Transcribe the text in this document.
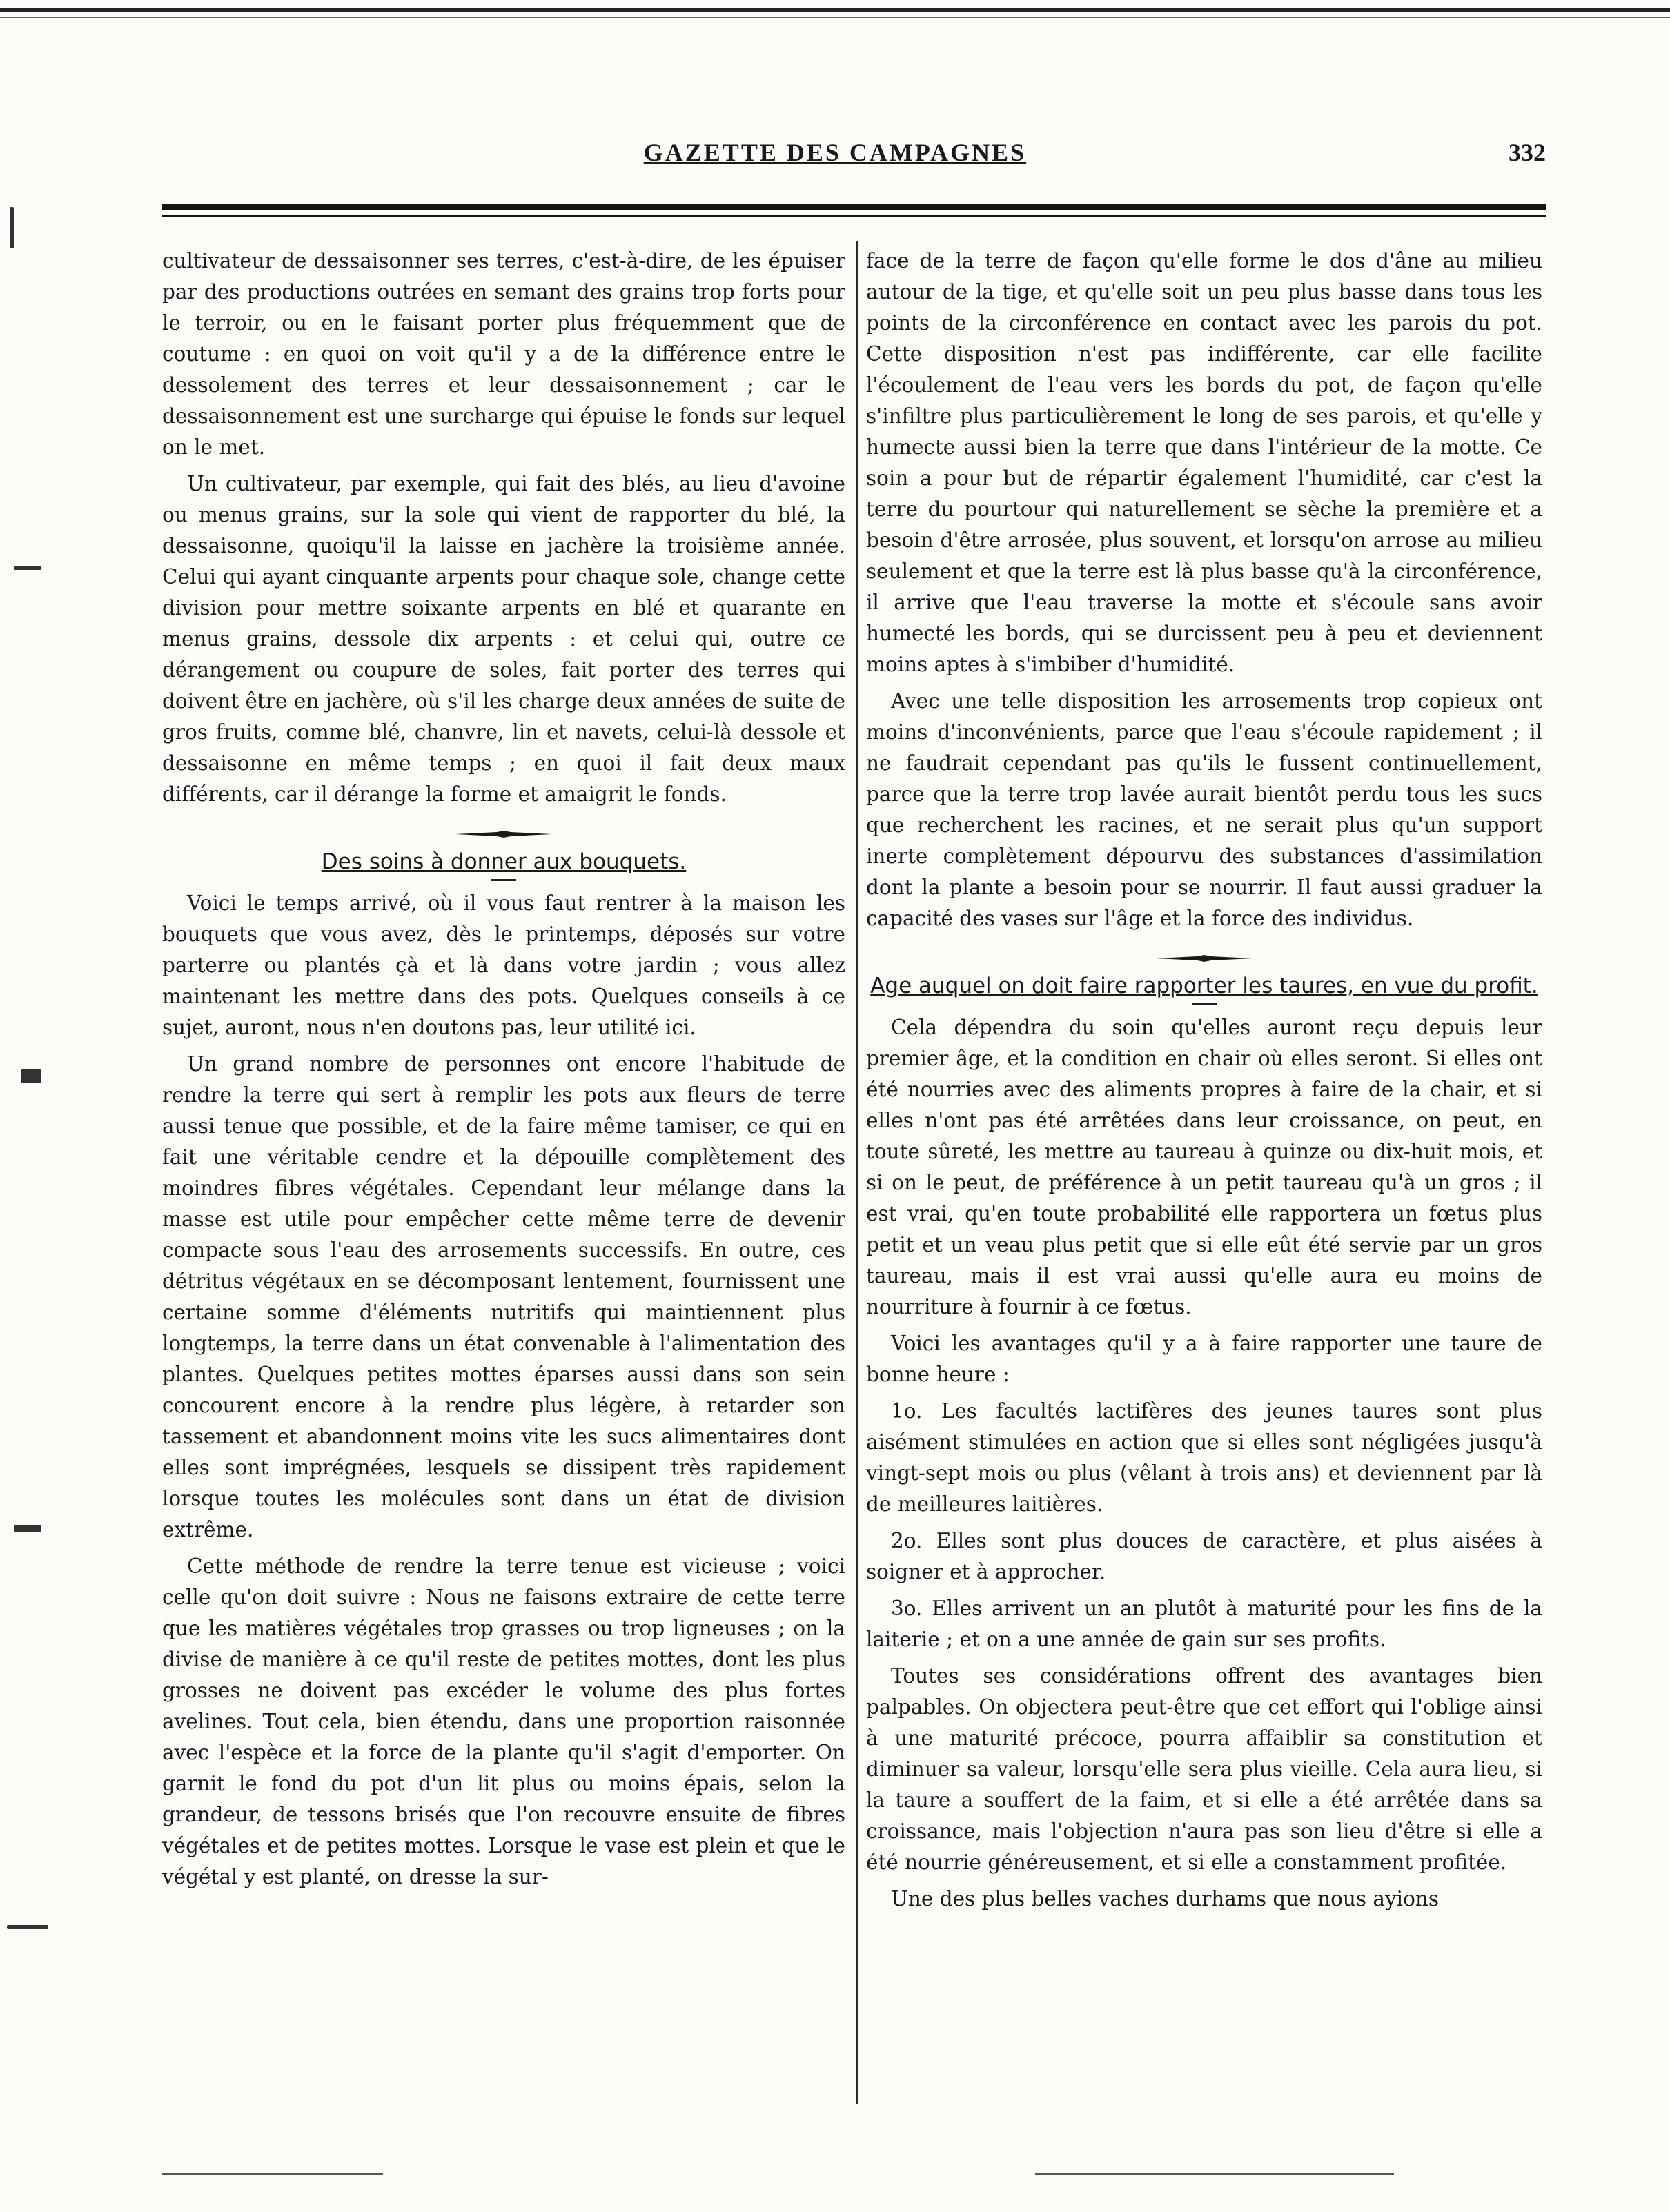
GAZETTE DES CAMPAGNES	332

cultivateur de dessaisonner ses terres, c'est-à-dire, de les épuiser par des productions outrées en semant des grains trop forts pour le terroir, ou en le faisant porter plus fréquemment que de coutume : en quoi on voit qu'il y a de la différence entre le dessolement des terres et leur dessaisonnement ; car le dessaisonnement est une surcharge qui épuise le fonds sur lequel on le met.

Un cultivateur, par exemple, qui fait des blés, au lieu d'avoine ou menus grains, sur la sole qui vient de rapporter du blé, la dessaisonne, quoiqu'il la laisse en jachère la troisième année. Celui qui ayant cinquante arpents pour chaque sole, change cette division pour mettre soixante arpents en blé et quarante en menus grains, dessole dix arpents : et celui qui, outre ce dérangement ou coupure de soles, fait porter des terres qui doivent être en jachère, où s'il les charge deux années de suite de gros fruits, comme blé, chanvre, lin et navets, celui-là dessole et dessaisonne en même temps ; en quoi il fait deux maux différents, car il dérange la forme et amaigrit le fonds.

Des soins à donner aux bouquets.

Voici le temps arrivé, où il vous faut rentrer à la maison les bouquets que vous avez, dès le printemps, déposés sur votre parterre ou plantés çà et là dans votre jardin ; vous allez maintenant les mettre dans des pots. Quelques conseils à ce sujet, auront, nous n'en doutons pas, leur utilité ici.

Un grand nombre de personnes ont encore l'habitude de rendre la terre qui sert à remplir les pots aux fleurs de terre aussi tenue que possible, et de la faire même tamiser, ce qui en fait une véritable cendre et la dépouille complètement des moindres fibres végétales. Cependant leur mélange dans la masse est utile pour empêcher cette même terre de devenir compacte sous l'eau des arrosements successifs. En outre, ces détritus végétaux en se décomposant lentement, fournissent une certaine somme d'éléments nutritifs qui maintiennent plus longtemps, la terre dans un état convenable à l'alimentation des plantes. Quelques petites mottes éparses aussi dans son sein concourent encore à la rendre plus légère, à retarder son tassement et abandonnent moins vite les sucs alimentaires dont elles sont imprégnées, lesquels se dissipent très rapidement lorsque toutes les molécules sont dans un état de division extrême.

Cette méthode de rendre la terre tenue est vicieuse ; voici celle qu'on doit suivre : Nous ne faisons extraire de cette terre que les matières végétales trop grasses ou trop ligneuses ; on la divise de manière à ce qu'il reste de petites mottes, dont les plus grosses ne doivent pas excéder le volume des plus fortes avelines. Tout cela, bien étendu, dans une proportion raisonnée avec l'espèce et la force de la plante qu'il s'agit d'emporter. On garnit le fond du pot d'un lit plus ou moins épais, selon la grandeur, de tessons brisés que l'on recouvre ensuite de fibres végétales et de petites mottes. Lorsque le vase est plein et que le végétal y est planté, on dresse la sur-

face de la terre de façon qu'elle forme le dos d'âne au milieu autour de la tige, et qu'elle soit un peu plus basse dans tous les points de la circonférence en contact avec les parois du pot. Cette disposition n'est pas indifférente, car elle facilite l'écoulement de l'eau vers les bords du pot, de façon qu'elle s'infiltre plus particulièrement le long de ses parois, et qu'elle y humecte aussi bien la terre que dans l'intérieur de la motte. Ce soin a pour but de répartir également l'humidité, car c'est la terre du pourtour qui naturellement se sèche la première et a besoin d'être arrosée, plus souvent, et lorsqu'on arrose au milieu seulement et que la terre est là plus basse qu'à la circonférence, il arrive que l'eau traverse la motte et s'écoule sans avoir humecté les bords, qui se durcissent peu à peu et deviennent moins aptes à s'imbiber d'humidité.

Avec une telle disposition les arrosements trop copieux ont moins d'inconvénients, parce que l'eau s'écoule rapidement ; il ne faudrait cependant pas qu'ils le fussent continuellement, parce que la terre trop lavée aurait bientôt perdu tous les sucs que recherchent les racines, et ne serait plus qu'un support inerte complètement dépourvu des substances d'assimilation dont la plante a besoin pour se nourrir. Il faut aussi graduer la capacité des vases sur l'âge et la force des individus.

Age auquel on doit faire rapporter les taures, en vue du profit.

Cela dépendra du soin qu'elles auront reçu depuis leur premier âge, et la condition en chair où elles seront. Si elles ont été nourries avec des aliments propres à faire de la chair, et si elles n'ont pas été arrêtées dans leur croissance, on peut, en toute sûreté, les mettre au taureau à quinze ou dix-huit mois, et si on le peut, de préférence à un petit taureau qu'à un gros ; il est vrai, qu'en toute probabilité elle rapportera un fœtus plus petit et un veau plus petit que si elle eût été servie par un gros taureau, mais il est vrai aussi qu'elle aura eu moins de nourriture à fournir à ce fœtus.

Voici les avantages qu'il y a à faire rapporter une taure de bonne heure :

1o. Les facultés lactifères des jeunes taures sont plus aisément stimulées en action que si elles sont négligées jusqu'à vingt-sept mois ou plus (vêlant à trois ans) et deviennent par là de meilleures laitières.

2o. Elles sont plus douces de caractère, et plus aisées à soigner et à approcher.

3o. Elles arrivent un an plutôt à maturité pour les fins de la laiterie ; et on a une année de gain sur ses profits.

Toutes ses considérations offrent des avantages bien palpables. On objectera peut-être que cet effort qui l'oblige ainsi à une maturité précoce, pourra affaiblir sa constitution et diminuer sa valeur, lorsqu'elle sera plus vieille. Cela aura lieu, si la taure a souffert de la faim, et si elle a été arrêtée dans sa croissance, mais l'objection n'aura pas son lieu d'être si elle a été nourrie généreusement, et si elle a constamment profitée.

Une des plus belles vaches durhams que nous ayions
